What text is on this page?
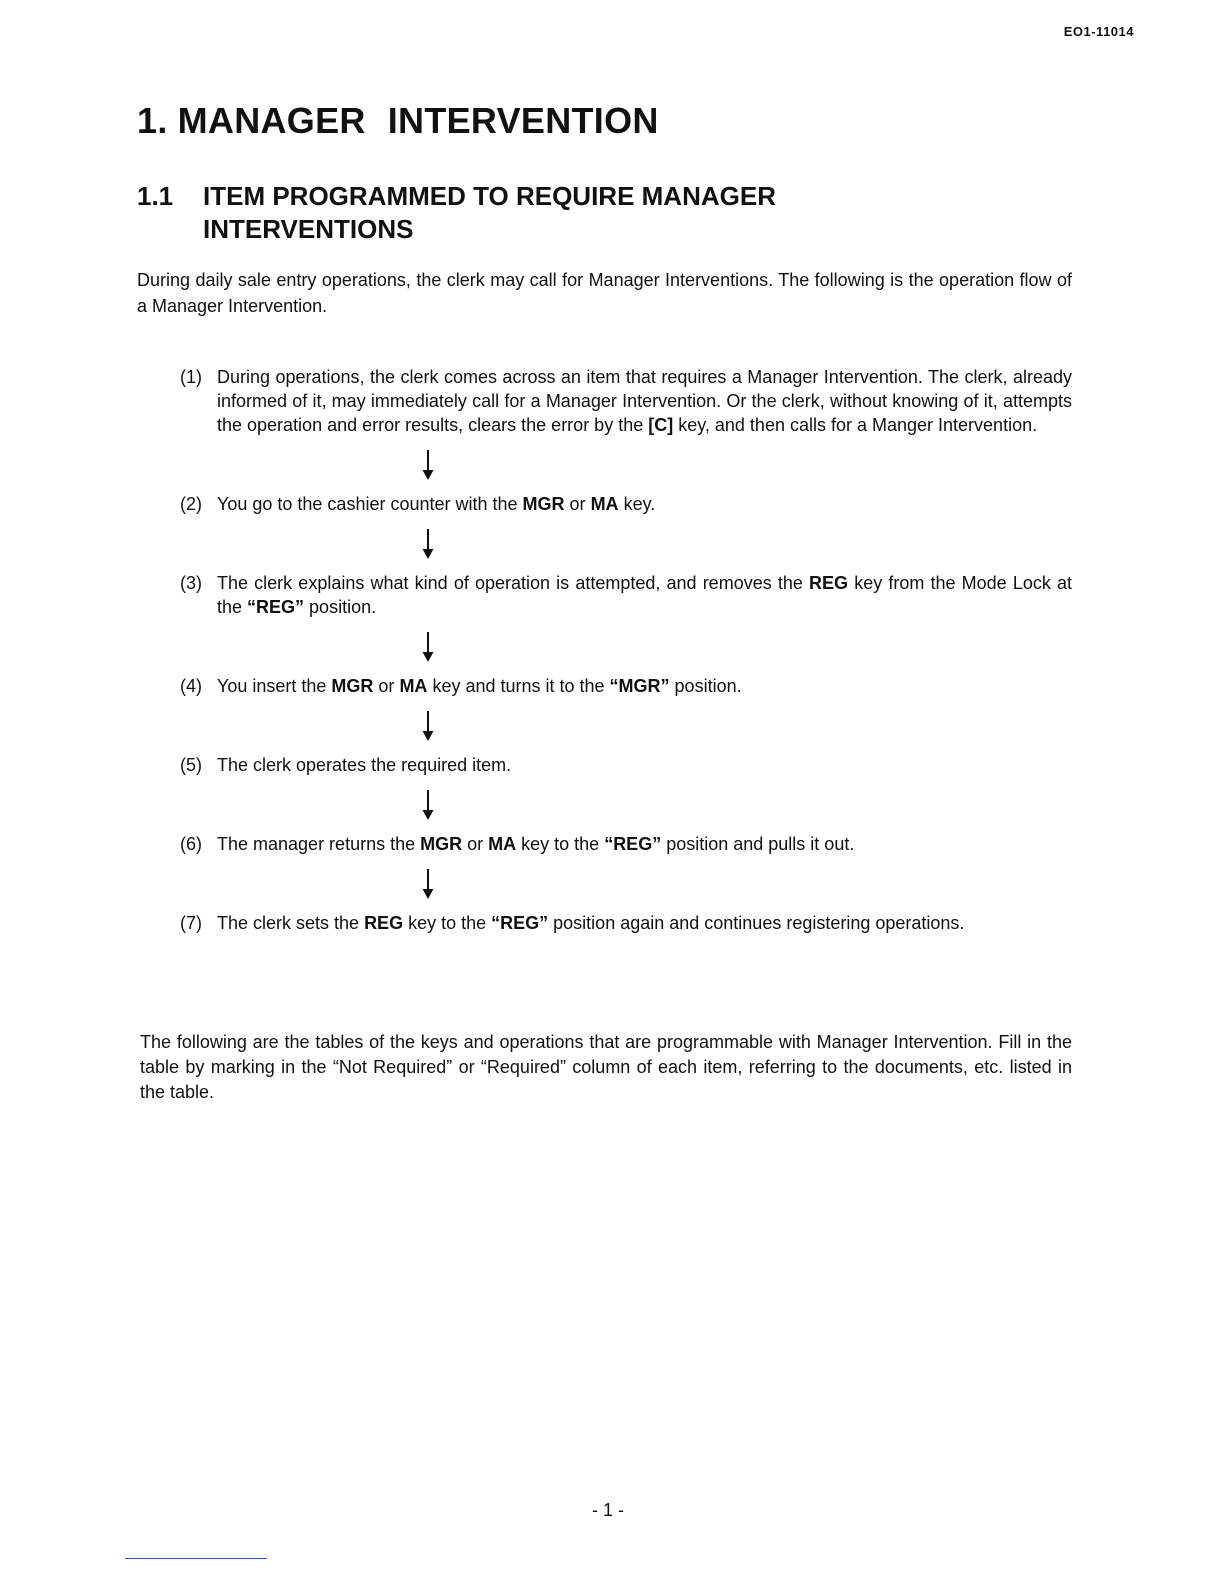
EO1-11014
1. MANAGER INTERVENTION
1.1	ITEM PROGRAMMED TO REQUIRE MANAGER INTERVENTIONS

During daily sale entry operations, the clerk may call for Manager Interventions. The following is the operation flow of a Manager Intervention.

(1) During operations, the clerk comes across an item that requires a Manager Intervention. The clerk, already informed of it, may immediately call for a Manager Intervention. Or the clerk, without knowing of it, attempts the operation and error results, clears the error by the [C] key, and then calls for a Manger Intervention.
(2) You go to the cashier counter with the MGR or MA key.
(3) The clerk explains what kind of operation is attempted, and removes the REG key from the Mode Lock at the “REG” position.
(4) You insert the MGR or MA key and turns it to the “MGR” position.
(5) The clerk operates the required item.
(6) The manager returns the MGR or MA key to the “REG” position and pulls it out.
(7) The clerk sets the REG key to the “REG” position again and continues registering operations.

The following are the tables of the keys and operations that are programmable with Manager Intervention. Fill in the table by marking in the “Not Required” or “Required” column of each item, referring to the documents, etc. listed in the table.

- 1 -
